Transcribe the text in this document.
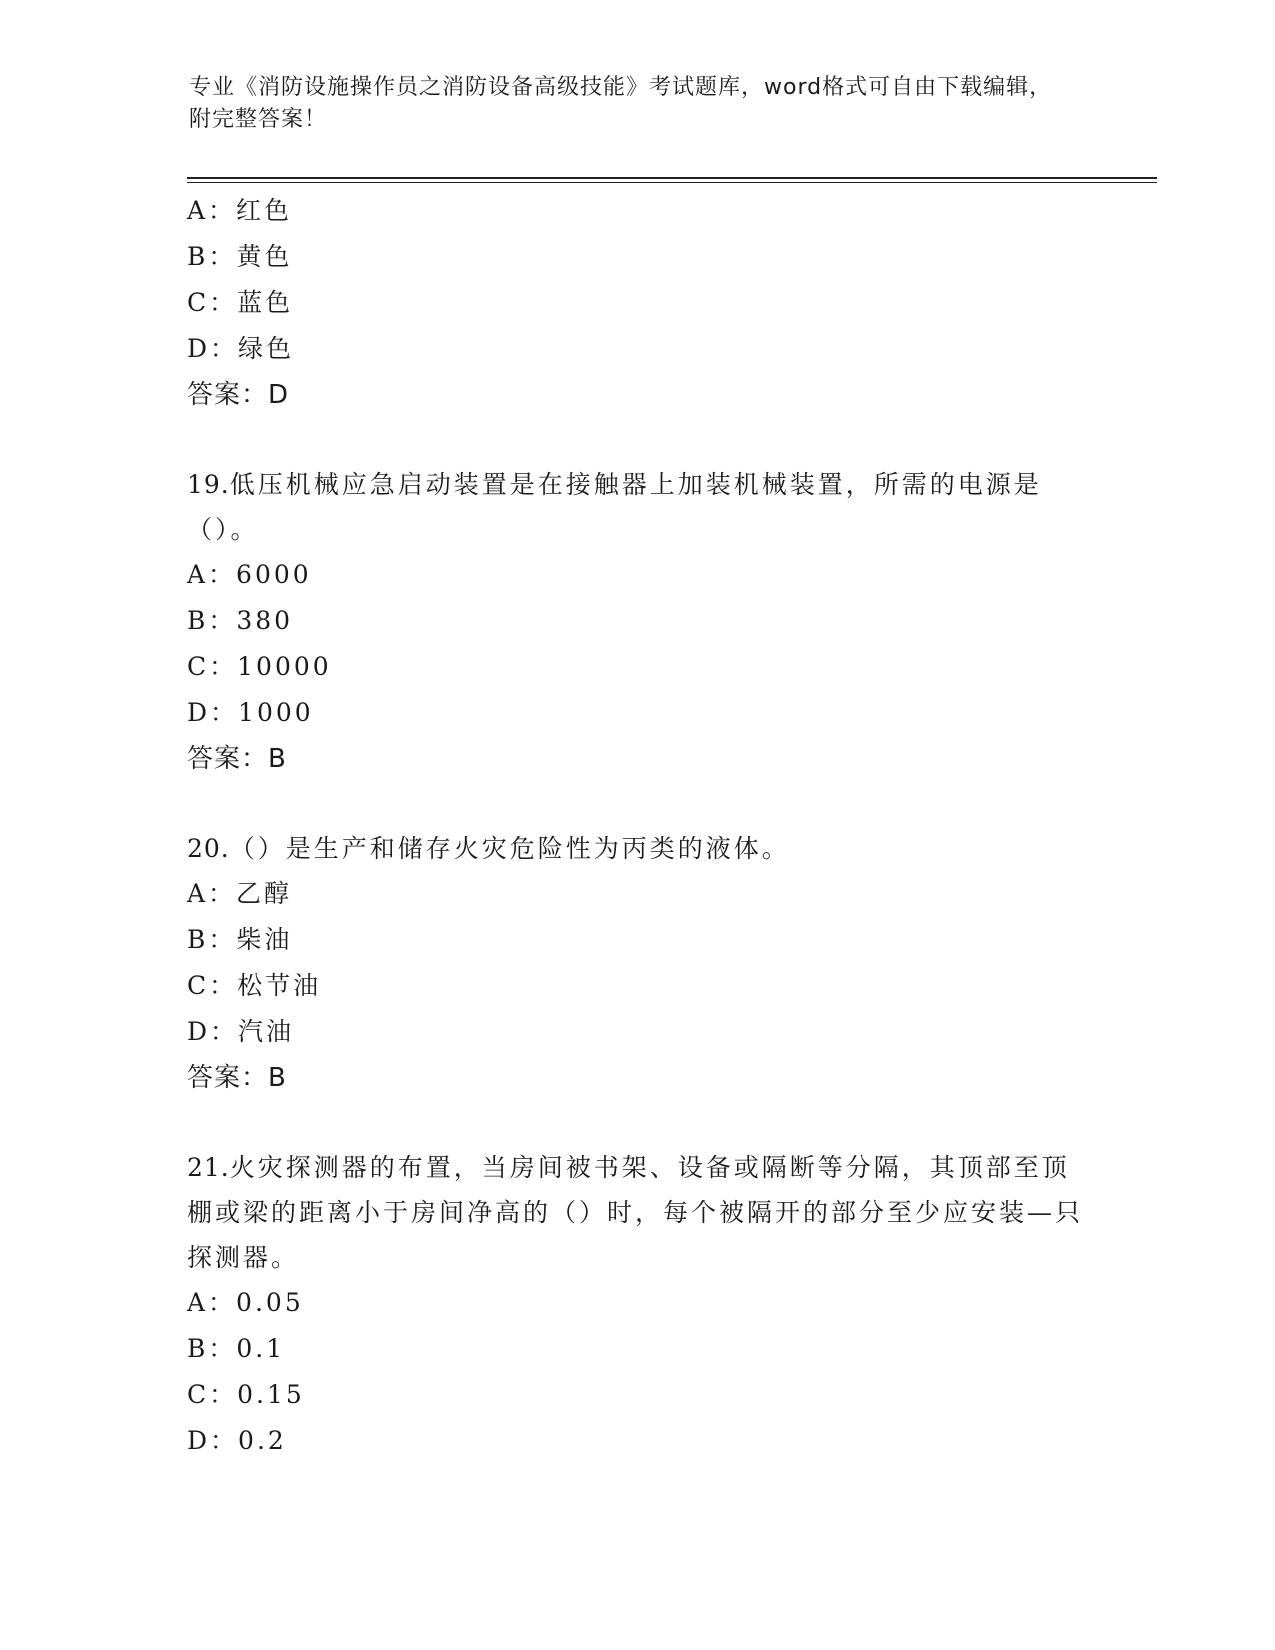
专业《消防设施操作员之消防设备高级技能》考试题库，word格式可自由下载编辑，附完整答案！
A：红色
B：黄色
C：蓝色
D：绿色
答案：D
19.低压机械应急启动装置是在接触器上加装机械装置，所需的电源是（）。
A：6000
B：380
C：10000
D：1000
答案：B
20.（）是生产和储存火灾危险性为丙类的液体。
A：乙醇
B：柴油
C：松节油
D：汽油
答案：B
21.火灾探测器的布置，当房间被书架、设备或隔断等分隔，其顶部至顶棚或梁的距离小于房间净高的（）时，每个被隔开的部分至少应安装—只探测器。
A：0.05
B：0.1
C：0.15
D：0.2
